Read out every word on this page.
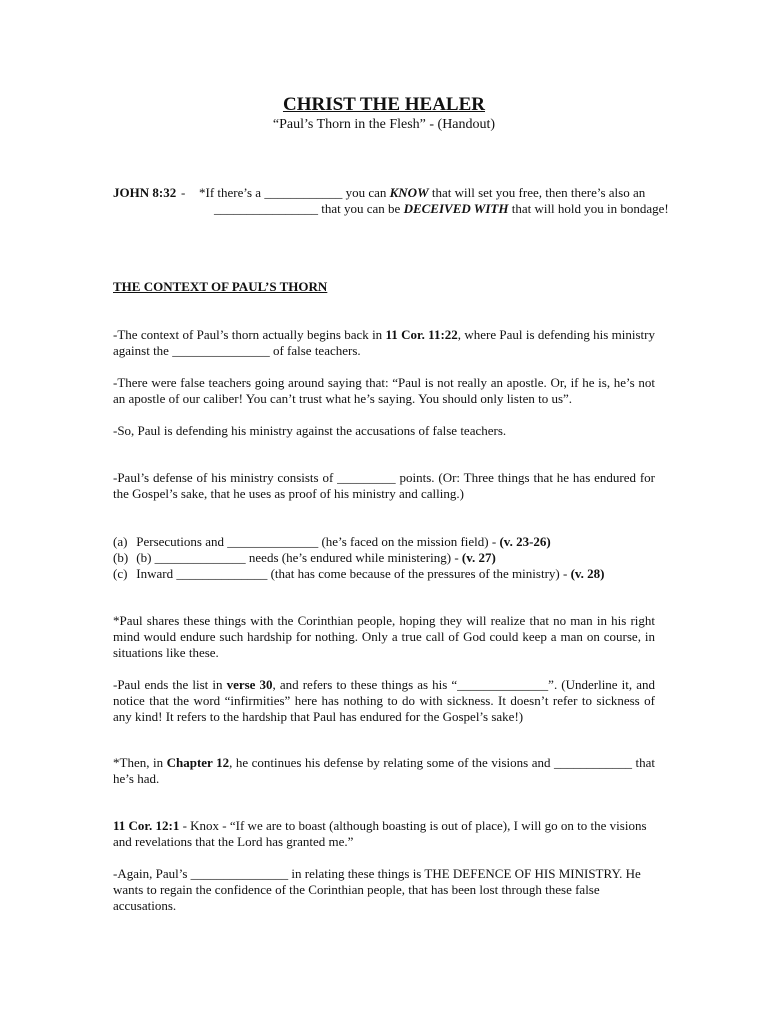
CHRIST THE HEALER
“Paul’s Thorn in the Flesh” - (Handout)
JOHN 8:32 - *If there’s a ____________ you can KNOW that will set you free, then there’s also an ________________ that you can be DECEIVED WITH that will hold you in bondage!
THE CONTEXT OF PAUL’S THORN
-The context of Paul’s thorn actually begins back in 11 Cor. 11:22, where Paul is defending his ministry against the _______________ of false teachers.
-There were false teachers going around saying that: “Paul is not really an apostle. Or, if he is, he’s not an apostle of our caliber! You can’t trust what he’s saying. You should only listen to us”.
-So, Paul is defending his ministry against the accusations of false teachers.
-Paul’s defense of his ministry consists of _________ points. (Or: Three things that he has endured for the Gospel’s sake, that he uses as proof of his ministry and calling.)
(a) Persecutions and ______________ (he’s faced on the mission field) - (v. 23-26)
(b) (b) ______________ needs (he’s endured while ministering) - (v. 27)
(c) Inward ______________ (that has come because of the pressures of the ministry) - (v. 28)
*Paul shares these things with the Corinthian people, hoping they will realize that no man in his right mind would endure such hardship for nothing. Only a true call of God could keep a man on course, in situations like these.
-Paul ends the list in verse 30, and refers to these things as his “______________”. (Underline it, and notice that the word “infirmities” here has nothing to do with sickness. It doesn’t refer to sickness of any kind! It refers to the hardship that Paul has endured for the Gospel’s sake!)
*Then, in Chapter 12, he continues his defense by relating some of the visions and ____________ that he’s had.
11 Cor. 12:1 - Knox - “If we are to boast (although boasting is out of place), I will go on to the visions and revelations that the Lord has granted me.”
-Again, Paul’s _______________ in relating these things is THE DEFENCE OF HIS MINISTRY. He wants to regain the confidence of the Corinthian people, that has been lost through these false accusations.
